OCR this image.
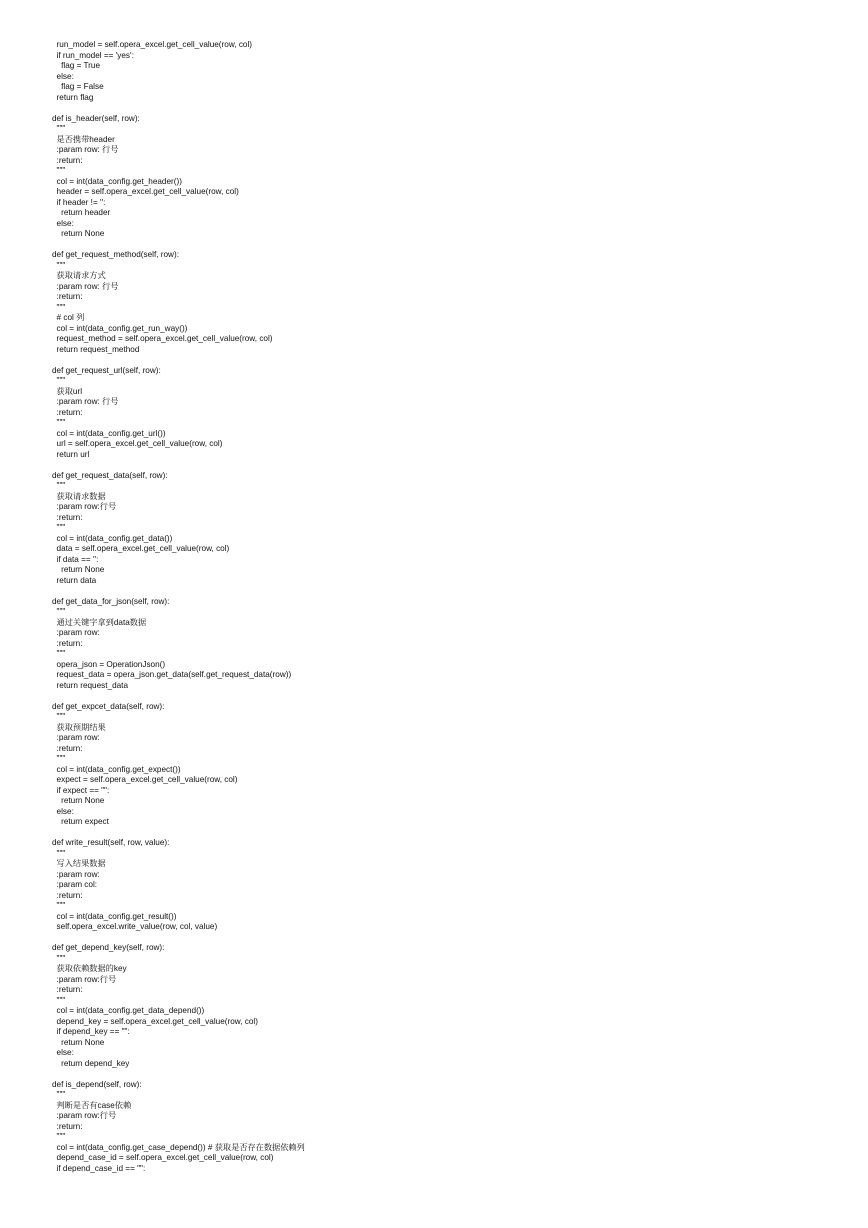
run_model = self.opera_excel.get_cell_value(row, col)
if run_model == 'yes':
flag = True
else:
flag = False
return flag
def is_header(self, row):
"""
是否携带header
:param row: 行号
:return:
"""
col = int(data_config.get_header())
header = self.opera_excel.get_cell_value(row, col)
if header != '':
return header
else:
return None
def get_request_method(self, row):
"""
获取请求方式
:param row: 行号
:return:
"""
# col 列
col = int(data_config.get_run_way())
request_method = self.opera_excel.get_cell_value(row, col)
return request_method
def get_request_url(self, row):
"""
获取url
:param row: 行号
:return:
"""
col = int(data_config.get_url())
url = self.opera_excel.get_cell_value(row, col)
return url
def get_request_data(self, row):
"""
获取请求数据
:param row:行号
:return:
"""
col = int(data_config.get_data())
data = self.opera_excel.get_cell_value(row, col)
if data == '':
return None
return data
def get_data_for_json(self, row):
"""
通过关键字拿到data数据
:param row:
:return:
"""
opera_json = OperationJson()
request_data = opera_json.get_data(self.get_request_data(row))
return request_data
def get_expcet_data(self, row):
"""
获取预期结果
:param row:
:return:
"""
col = int(data_config.get_expect())
expect = self.opera_excel.get_cell_value(row, col)
if expect == "":
return None
else:
return expect
def write_result(self, row, value):
"""
写入结果数据
:param row:
:param col:
:return:
"""
col = int(data_config.get_result())
self.opera_excel.write_value(row, col, value)
def get_depend_key(self, row):
"""
获取依赖数据的key
:param row:行号
:return:
"""
col = int(data_config.get_data_depend())
depend_key = self.opera_excel.get_cell_value(row, col)
if depend_key == "":
return None
else:
return depend_key
def is_depend(self, row):
"""
判断是否有case依赖
:param row:行号
:return:
"""
col = int(data_config.get_case_depend()) # 获取是否存在数据依赖列
depend_case_id = self.opera_excel.get_cell_value(row, col)
if depend_case_id == "":
